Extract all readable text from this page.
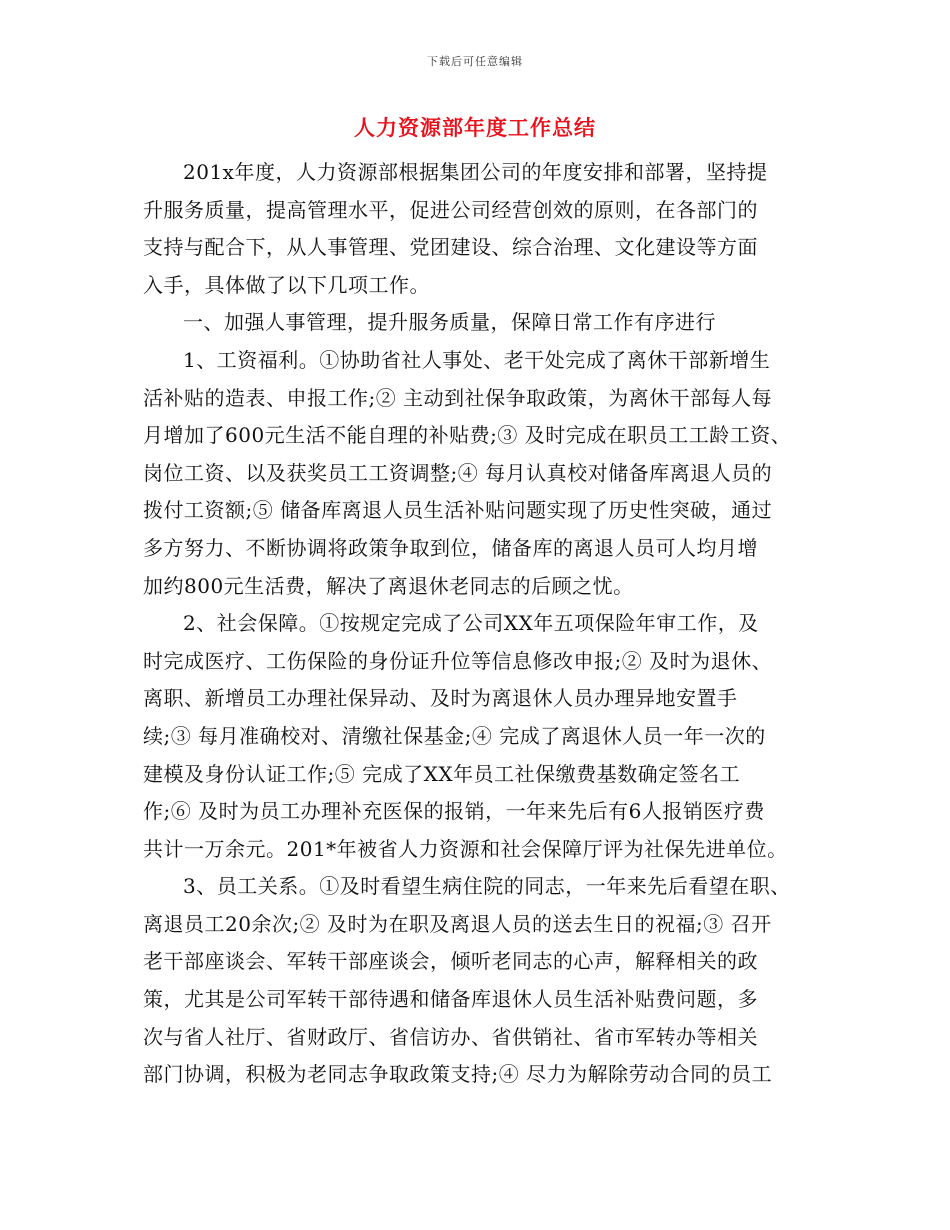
下载后可任意编辑
人力资源部年度工作总结

201x年度，人力资源部根据集团公司的年度安排和部署，坚持提
升服务质量，提高管理水平，促进公司经营创效的原则，在各部门的
支持与配合下，从人事管理、党团建设、综合治理、文化建设等方面
入手，具体做了以下几项工作。

一、加强人事管理，提升服务质量，保障日常工作有序进行

1、工资福利。①协助省社人事处、老干处完成了离休干部新增生
活补贴的造表、申报工作;② 主动到社保争取政策，为离休干部每人每
月增加了600元生活不能自理的补贴费;③ 及时完成在职员工工龄工资、
岗位工资、以及获奖员工工资调整;④ 每月认真校对储备库离退人员的
拨付工资额;⑤ 储备库离退人员生活补贴问题实现了历史性突破，通过
多方努力、不断协调将政策争取到位，储备库的离退人员可人均月增
加约800元生活费，解决了离退休老同志的后顾之忧。

2、社会保障。①按规定完成了公司XX年五项保险年审工作，及
时完成医疗、工伤保险的身份证升位等信息修改申报;② 及时为退休、
离职、新增员工办理社保异动、及时为离退休人员办理异地安置手
续;③ 每月准确校对、清缴社保基金;④ 完成了离退休人员一年一次的
建模及身份认证工作;⑤ 完成了XX年员工社保缴费基数确定签名工
作;⑥ 及时为员工办理补充医保的报销，一年来先后有6人报销医疗费
共计一万余元。201*年被省人力资源和社会保障厅评为社保先进单位。

3、员工关系。①及时看望生病住院的同志，一年来先后看望在职、
离退员工20余次;② 及时为在职及离退人员的送去生日的祝福;③ 召开
老干部座谈会、军转干部座谈会，倾听老同志的心声，解释相关的政
策，尤其是公司军转干部待遇和储备库退休人员生活补贴费问题，多
次与省人社厅、省财政厅、省信访办、省供销社、省市军转办等相关
部门协调，积极为老同志争取政策支持;④ 尽力为解除劳动合同的员工
